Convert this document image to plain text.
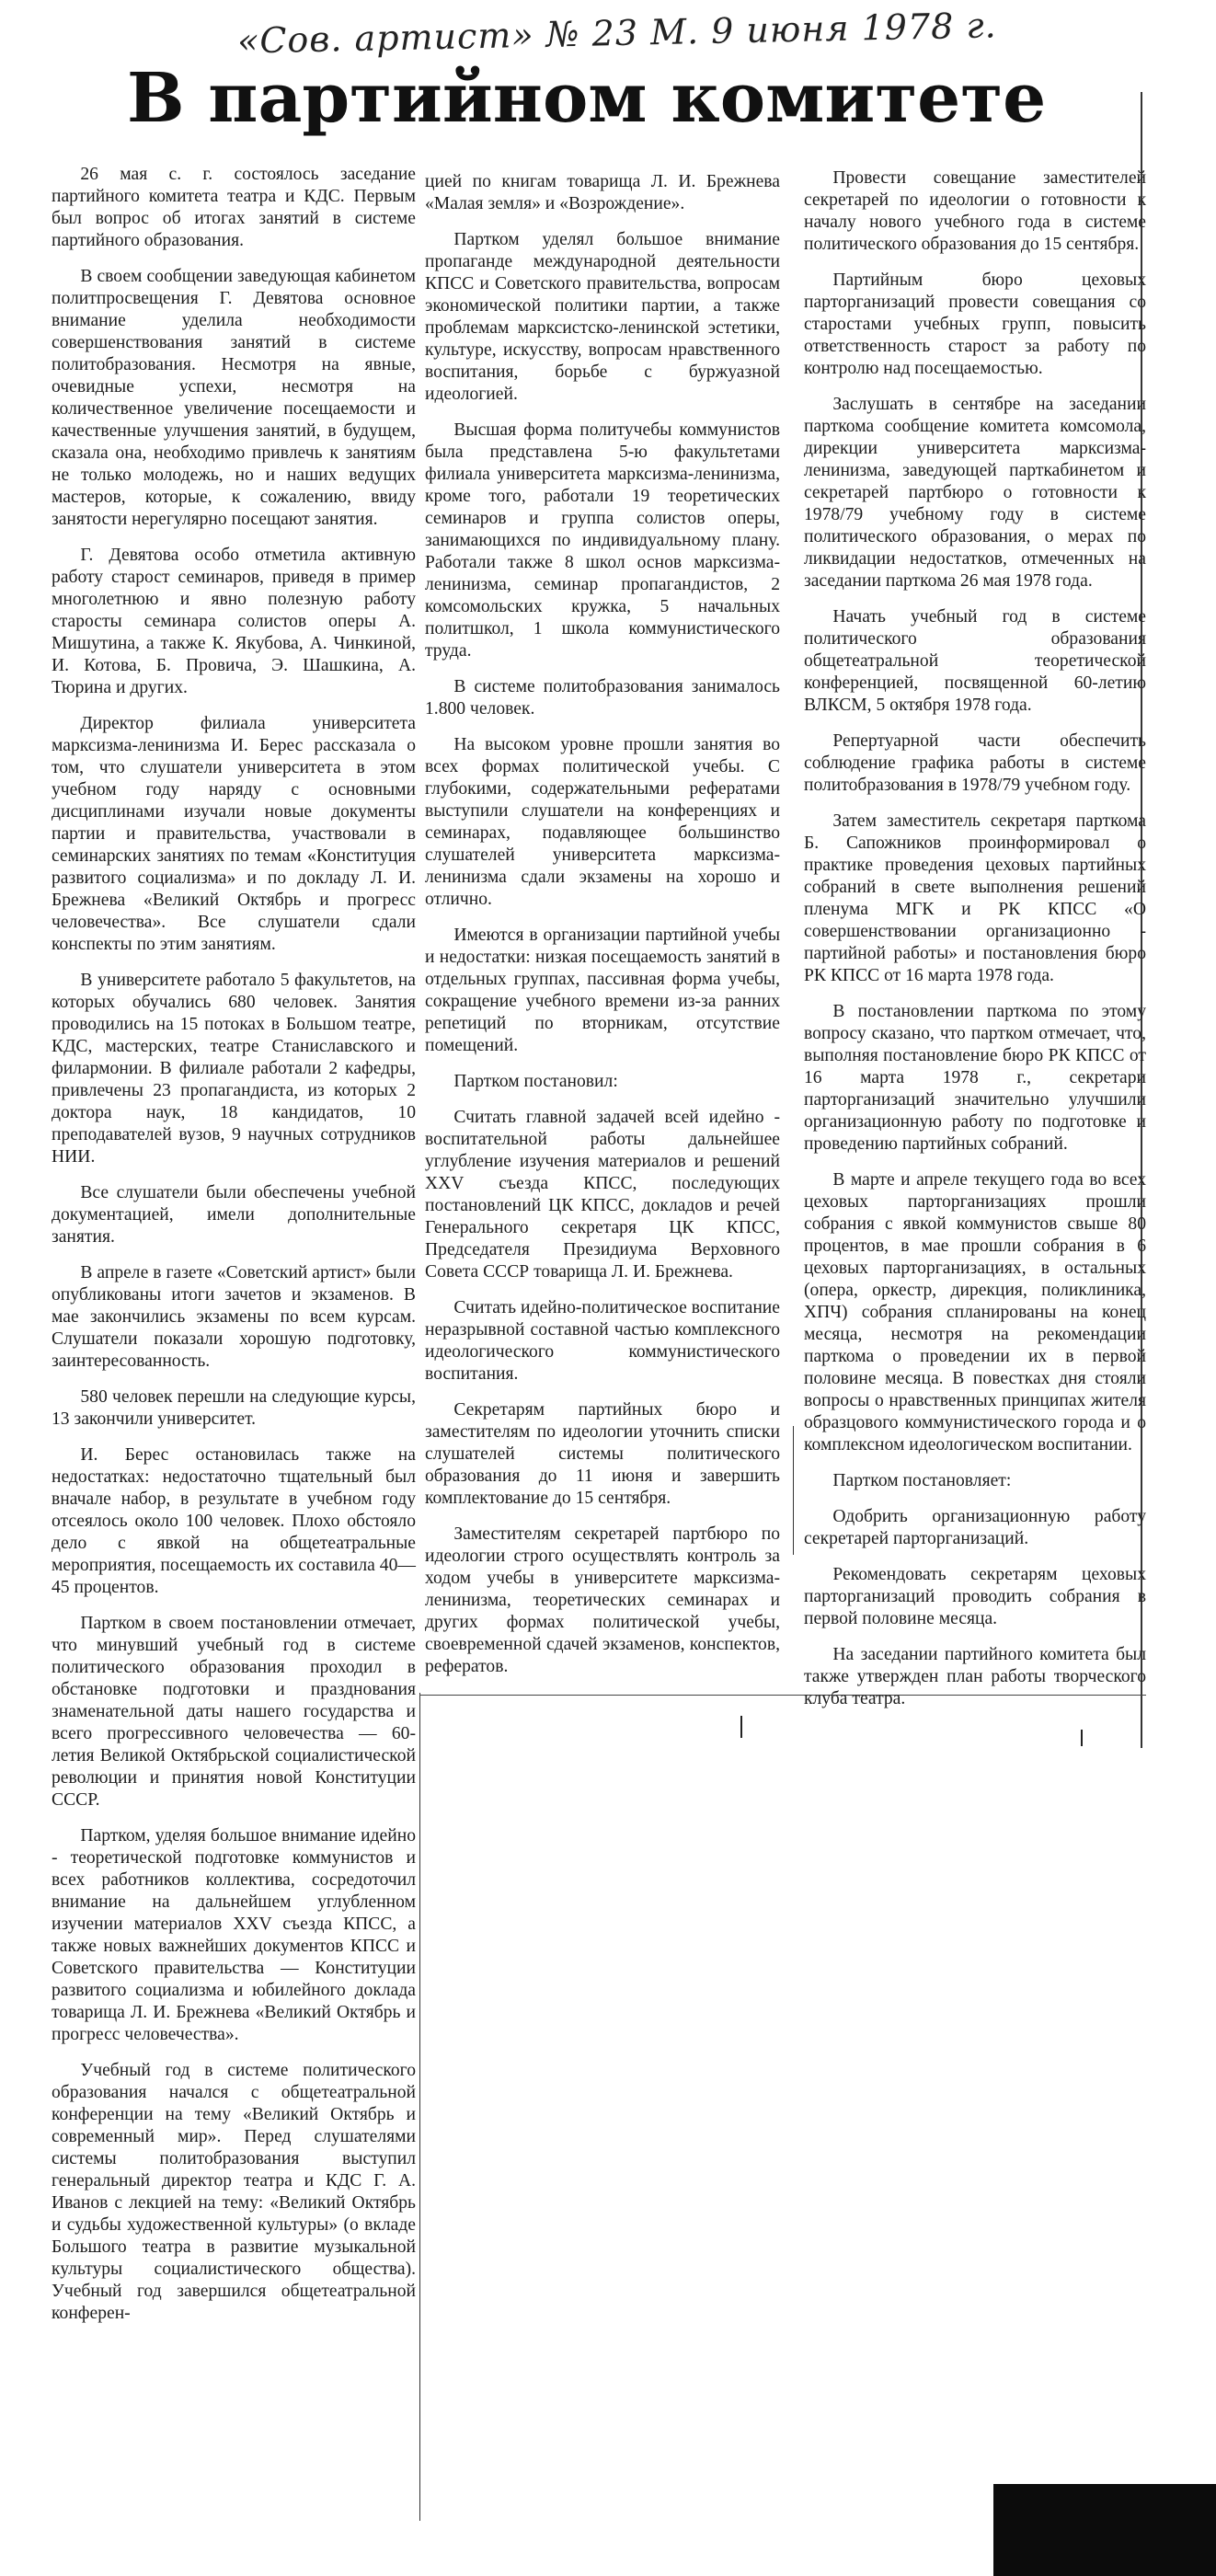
«Сов. артист» № 23 М. 9 июня 1978 г.
В партийном комитете

26 мая с. г. состоялось заседание партийного комитета театра и КДС. Первым был вопрос об итогах занятий в системе партийного образования.

В своем сообщении заведующая кабинетом политпросвещения Г. Девятова основное внимание уделила необходимости совершенствования занятий в системе политобразования. Несмотря на явные, очевидные успехи, несмотря на количественное увеличение посещаемости и качественные улучшения занятий, в будущем, сказала она, необходимо привлечь к занятиям не только молодежь, но и наших ведущих мастеров, которые, к сожалению, ввиду занятости нерегулярно посещают занятия.

Г. Девятова особо отметила активную работу старост семинаров, приведя в пример многолетнюю и явно полезную работу старосты семинара солистов оперы А. Мишутина, а также К. Якубова, А. Чинкиной, И. Котова, Б. Провича, Э. Шашкина, А. Тюрина и других.

Директор филиала университета марксизма-ленинизма И. Берес рассказала о том, что слушатели университета в этом учебном году наряду с основными дисциплинами изучали новые документы партии и правительства, участвовали в семинарских занятиях по темам «Конституция развитого социализма» и по докладу Л. И. Брежнева «Великий Октябрь и прогресс человечества». Все слушатели сдали конспекты по этим занятиям.

В университете работало 5 факультетов, на которых обучались 680 человек. Занятия проводились на 15 потоках в Большом театре, КДС, мастерских, театре Станиславского и филармонии. В филиале работали 2 кафедры, привлечены 23 пропагандиста, из которых 2 доктора наук, 18 кандидатов, 10 преподавателей вузов, 9 научных сотрудников НИИ.

Все слушатели были обеспечены учебной документацией, имели дополнительные занятия.

В апреле в газете «Советский артист» были опубликованы итоги зачетов и экзаменов. В мае закончились экзамены по всем курсам. Слушатели показали хорошую подготовку, заинтересованность.

580 человек перешли на следующие курсы, 13 закончили университет.

И. Берес остановилась также на недостатках: недостаточно тщательный был вначале набор, в результате в учебном году отсеялось около 100 человек. Плохо обстояло дело с явкой на общетеатральные мероприятия, посещаемость их составила 40—45 процентов.

Партком в своем постановлении отмечает, что минувший учебный год в системе политического образования проходил в обстановке подготовки и празднования знаменательной даты нашего государства и всего прогрессивного человечества — 60-летия Великой Октябрьской социалистической революции и принятия новой Конституции СССР.

Партком, уделяя большое внимание идейно - теоретической подготовке коммунистов и всех работников коллектива, сосредоточил внимание на дальнейшем углубленном изучении материалов XXV съезда КПСС, а также новых важнейших документов КПСС и Советского правительства — Конституции развитого социализма и юбилейного доклада товарища Л. И. Брежнева «Великий Октябрь и прогресс человечества».

Учебный год в системе политического образования начался с общетеатральной конференции на тему «Великий Октябрь и современный мир». Перед слушателями системы политобразования выступил генеральный директор театра и КДС Г. А. Иванов с лекцией на тему: «Великий Октябрь и судьбы художественной культуры» (о вкладе Большого театра в развитие музыкальной культуры социалистического общества). Учебный год завершился общетеатральной конферен-

цией по книгам товарища Л. И. Брежнева «Малая земля» и «Возрождение».

Партком уделял большое внимание пропаганде международной деятельности КПСС и Советского правительства, вопросам экономической политики партии, а также проблемам марксистско-ленинской эстетики, культуре, искусству, вопросам нравственного воспитания, борьбе с буржуазной идеологией.

Высшая форма политучебы коммунистов была представлена 5-ю факультетами филиала университета марксизма-ленинизма, кроме того, работали 19 теоретических семинаров и группа солистов оперы, занимающихся по индивидуальному плану. Работали также 8 школ основ марксизма-ленинизма, семинар пропагандистов, 2 комсомольских кружка, 5 начальных политшкол, 1 школа коммунистического труда.

В системе политобразования занималось 1.800 человек.

На высоком уровне прошли занятия во всех формах политической учебы. С глубокими, содержательными рефератами выступили слушатели на конференциях и семинарах, подавляющее большинство слушателей университета марксизма-ленинизма сдали экзамены на хорошо и отлично.

Имеются в организации партийной учебы и недостатки: низкая посещаемость занятий в отдельных группах, пассивная форма учебы, сокращение учебного времени из-за ранних репетиций по вторникам, отсутствие помещений.

Партком постановил:

Считать главной задачей всей идейно - воспитательной работы дальнейшее углубление изучения материалов и решений XXV съезда КПСС, последующих постановлений ЦК КПСС, докладов и речей Генерального секретаря ЦК КПСС, Председателя Президиума Верховного Совета СССР товарища Л. И. Брежнева.

Считать идейно-политическое воспитание неразрывной составной частью комплексного идеологического коммунистического воспитания.

Секретарям партийных бюро и заместителям по идеологии уточнить списки слушателей системы политического образования до 11 июня и завершить комплектование до 15 сентября.

Заместителям секретарей партбюро по идеологии строго осуществлять контроль за ходом учебы в университете марксизма-ленинизма, теоретических семинарах и других формах политической учебы, своевременной сдачей экзаменов, конспектов, рефератов.

Провести совещание заместителей секретарей по идеологии о готовности к началу нового учебного года в системе политического образования до 15 сентября.

Партийным бюро цеховых парторганизаций провести совещания со старостами учебных групп, повысить ответственность старост за работу по контролю над посещаемостью.

Заслушать в сентябре на заседании парткома сообщение комитета комсомола, дирекции университета марксизма-ленинизма, заведующей парткабинетом и секретарей партбюро о готовности к 1978/79 учебному году в системе политического образования, о мерах по ликвидации недостатков, отмеченных на заседании парткома 26 мая 1978 года.

Начать учебный год в системе политического образования общетеатральной теоретической конференцией, посвященной 60-летию ВЛКСМ, 5 октября 1978 года.

Репертуарной части обеспечить соблюдение графика работы в системе политобразования в 1978/79 учебном году.

Затем заместитель секретаря парткома Б. Сапожников проинформировал о практике проведения цеховых партийных собраний в свете выполнения решений пленума МГК и РК КПСС «О совершенствовании организационно - партийной работы» и постановления бюро РК КПСС от 16 марта 1978 года.

В постановлении парткома по этому вопросу сказано, что партком отмечает, что, выполняя постановление бюро РК КПСС от 16 марта 1978 г., секретари парторганизаций значительно улучшили организационную работу по подготовке и проведению партийных собраний.

В марте и апреле текущего года во всех цеховых парторганизациях прошли собрания с явкой коммунистов свыше 80 процентов, в мае прошли собрания в 6 цеховых парторганизациях, в остальных (опера, оркестр, дирекция, поликлиника, ХПЧ) собрания спланированы на конец месяца, несмотря на рекомендации парткома о проведении их в первой половине месяца. В повестках дня стояли вопросы о нравственных принципах жителя образцового коммунистического города и о комплексном идеологическом воспитании.

Партком постановляет:

Одобрить организационную работу секретарей парторганизаций.

Рекомендовать секретарям цеховых парторганизаций проводить собрания в первой половине месяца.

На заседании партийного комитета был также утвержден план работы творческого клуба театра.
